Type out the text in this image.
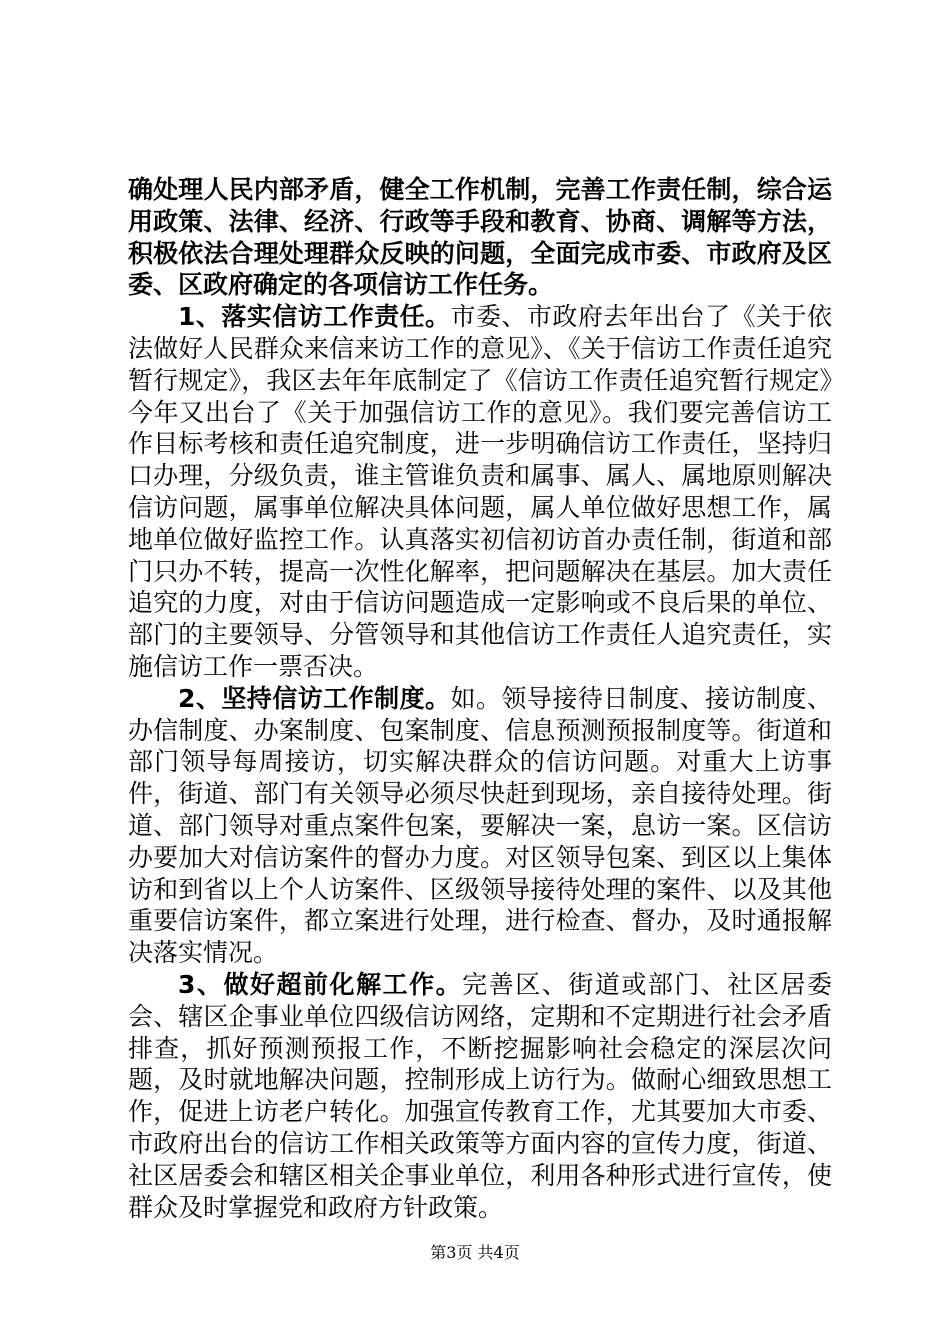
确处理人民内部矛盾，健全工作机制，完善工作责任制，综合运用政策、法律、经济、行政等手段和教育、协商、调解等方法，积极依法合理处理群众反映的问题，全面完成市委、市政府及区委、区政府确定的各项信访工作任务。

1、落实信访工作责任。市委、市政府去年出台了《关于依法做好人民群众来信来访工作的意见》、《关于信访工作责任追究暂行规定》，我区去年年底制定了《信访工作责任追究暂行规定》今年又出台了《关于加强信访工作的意见》。我们要完善信访工作目标考核和责任追究制度，进一步明确信访工作责任，坚持归口办理，分级负责，谁主管谁负责和属事、属人、属地原则解决信访问题，属事单位解决具体问题，属人单位做好思想工作，属地单位做好监控工作。认真落实初信初访首办责任制，街道和部门只办不转，提高一次性化解率，把问题解决在基层。加大责任追究的力度，对由于信访问题造成一定影响或不良后果的单位、部门的主要领导、分管领导和其他信访工作责任人追究责任，实施信访工作一票否决。

2、坚持信访工作制度。如。领导接待日制度、接访制度、办信制度、办案制度、包案制度、信息预测预报制度等。街道和部门领导每周接访，切实解决群众的信访问题。对重大上访事件，街道、部门有关领导必须尽快赶到现场，亲自接待处理。街道、部门领导对重点案件包案，要解决一案，息访一案。区信访办要加大对信访案件的督办力度。对区领导包案、到区以上集体访和到省以上个人访案件、区级领导接待处理的案件、以及其他重要信访案件，都立案进行处理，进行检查、督办，及时通报解决落实情况。

3、做好超前化解工作。完善区、街道或部门、社区居委会、辖区企事业单位四级信访网络，定期和不定期进行社会矛盾排查，抓好预测预报工作，不断挖掘影响社会稳定的深层次问题，及时就地解决问题，控制形成上访行为。做耐心细致思想工作，促进上访老户转化。加强宣传教育工作，尤其要加大市委、市政府出台的信访工作相关政策等方面内容的宣传力度，街道、社区居委会和辖区相关企事业单位，利用各种形式进行宣传，使群众及时掌握党和政府方针政策。

第3页 共4页
